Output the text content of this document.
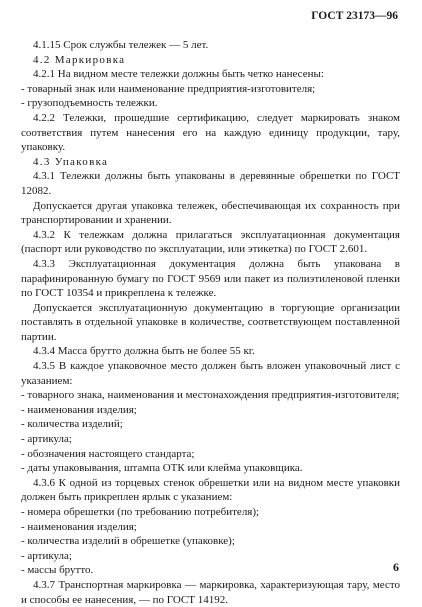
ГОСТ 23173—96
4.1.15 Срок службы тележек — 5 лет.
4.2 Маркировка
4.2.1 На видном месте тележки должны быть четко нанесены:
- товарный знак или наименование предприятия-изготовителя;
- грузоподъемность тележки.
4.2.2 Тележки, прошедшие сертификацию, следует маркировать знаком соответствия путем нанесения его на каждую единицу продукции, тару, упаковку.
4.3 Упаковка
4.3.1 Тележки должны быть упакованы в деревянные обрешетки по ГОСТ 12082.
Допускается другая упаковка тележек, обеспечивающая их сохранность при транспортировании и хранении.
4.3.2 К тележкам должна прилагаться эксплуатационная документация (паспорт или руководство по эксплуатации, или этикетка) по ГОСТ 2.601.
4.3.3 Эксплуатационная документация должна быть упакована в парафинированную бумагу по ГОСТ 9569 или пакет из полиэтиленовой пленки по ГОСТ 10354 и прикреплена к тележке.
Допускается эксплуатационную документацию в торгующие организации поставлять в отдельной упаковке в количестве, соответствующем поставленной партии.
4.3.4 Масса брутто должна быть не более 55 кг.
4.3.5 В каждое упаковочное место должен быть вложен упаковочный лист с указанием:
- товарного знака, наименования и местонахождения предприятия-изготовителя;
- наименования изделия;
- количества изделий;
- артикула;
- обозначения настоящего стандарта;
- даты упаковывания, штампа ОТК или клейма упаковщика.
4.3.6 К одной из торцевых стенок обрешетки или на видном месте упаковки должен быть прикреплен ярлык с указанием:
- номера обрешетки (по требованию потребителя);
- наименования изделия;
- количества изделий в обрешетке (упаковке);
- артикула;
- массы брутто.
4.3.7 Транспортная маркировка — маркировка, характеризующая тару, место и способы ее нанесения, — по ГОСТ 14192.
6
